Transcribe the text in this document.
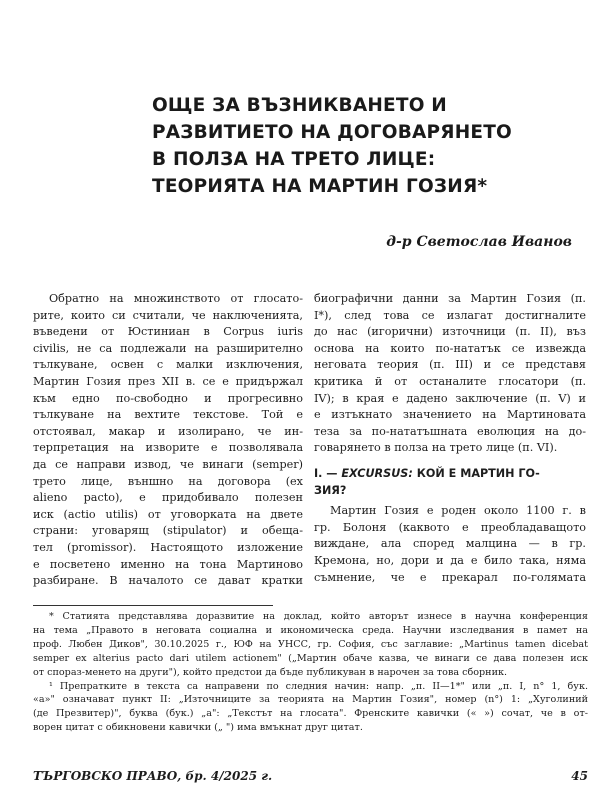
ОЩЕ ЗА ВЪЗНИКВАНЕТО И
РАЗВИТИЕТО НА ДОГОВАРЯНЕТО
В ПОЛЗА НА ТРЕТО ЛИЦЕ:
ТЕОРИЯТА НА МАРТИН ГОЗИЯ*
д-р Светослав Иванов
Обратно на множинството от глосато-
рите, които си считали, че наключенията,
въведени от Юстиниан в Corpus iuris
civilis, не са подлежали на разширително
тълкуване, освен с малки изключения,
Мартин Гозия през XII в. се е придържал
към едно по-свободно и прогресивно
тълкуване на вехтите текстове. Той е
отстоявал, макар и изолирано, че ин-
терпретация на изворите е позволявала
да се направи извод, че винаги (semper)
трето лице, външно на договора (ex
alieno pacto), е придобивало полезен
иск (actio utilis) от уговорката на двете
страни: уговарящ (stipulator) и обеща-
тел (promissor). Настоящото изложение
е посветено именно на тона Мартиново
разбиране. В началото се дават кратки
биографични данни за Мартин Гозия (п.
I*), след това се излагат достигналите
до нас (игорични) източници (п. II), въз
основа на които по-нататък се извежда
неговата теория (п. III) и се представя
критика й от останалите глосатори (п.
IV); в края е дадено заключение (п. V) и
е изтъкнато значението на Мартиновата
теза за по-нататъшната еволюция на до-
говарянето в полза на трето лице (п. VI).
I. — EXCURSUS: КОЙ Е МАРТИН ГО-
ЗИЯ?
Мартин Гозия е роден около 1100 г. в
гр. Болоня (каквото е преобладаващото
виждане, ала според малцина — в гр.
Кремона, но, дори и да е било така, няма
съмнение, че е прекарал по-голямата
* Статията представлява доразвитие на доклад, който авторът изнесе в научна конференция
на тема „Правото в неговата социална и икономическа среда. Научни изследвания в памет на
проф. Любен Диков", 30.10.2025 г., ЮФ на УНСС, гр. София, със заглавие: „Martinus tamen dicebat
semper ex alterius pacto dari utilem actionem" („Мартин обаче казва, че винаги се дава полезен иск
от спораз-менето на други"), който предстои да бъде публикуван в нарочен за това сборник.
¹ Препратките в текста са направени по следния начин: напр. „п. II—1*" или „п. I, n° 1, бук.
«а»" означават пункт II: „Източниците за теорията на Мартин Гозия", номер (n°) 1: „Хуголиний
(де Презвитер)", буква (бук.) „а": „Текстът на глосата". Френските кавички (« ») сочат, че в от-
ворен цитат с обикновени кавички („ ") има вмъкнат друг цитат.
ТЪРГОВСКО ПРАВО, бр. 4/2025 г.	45
